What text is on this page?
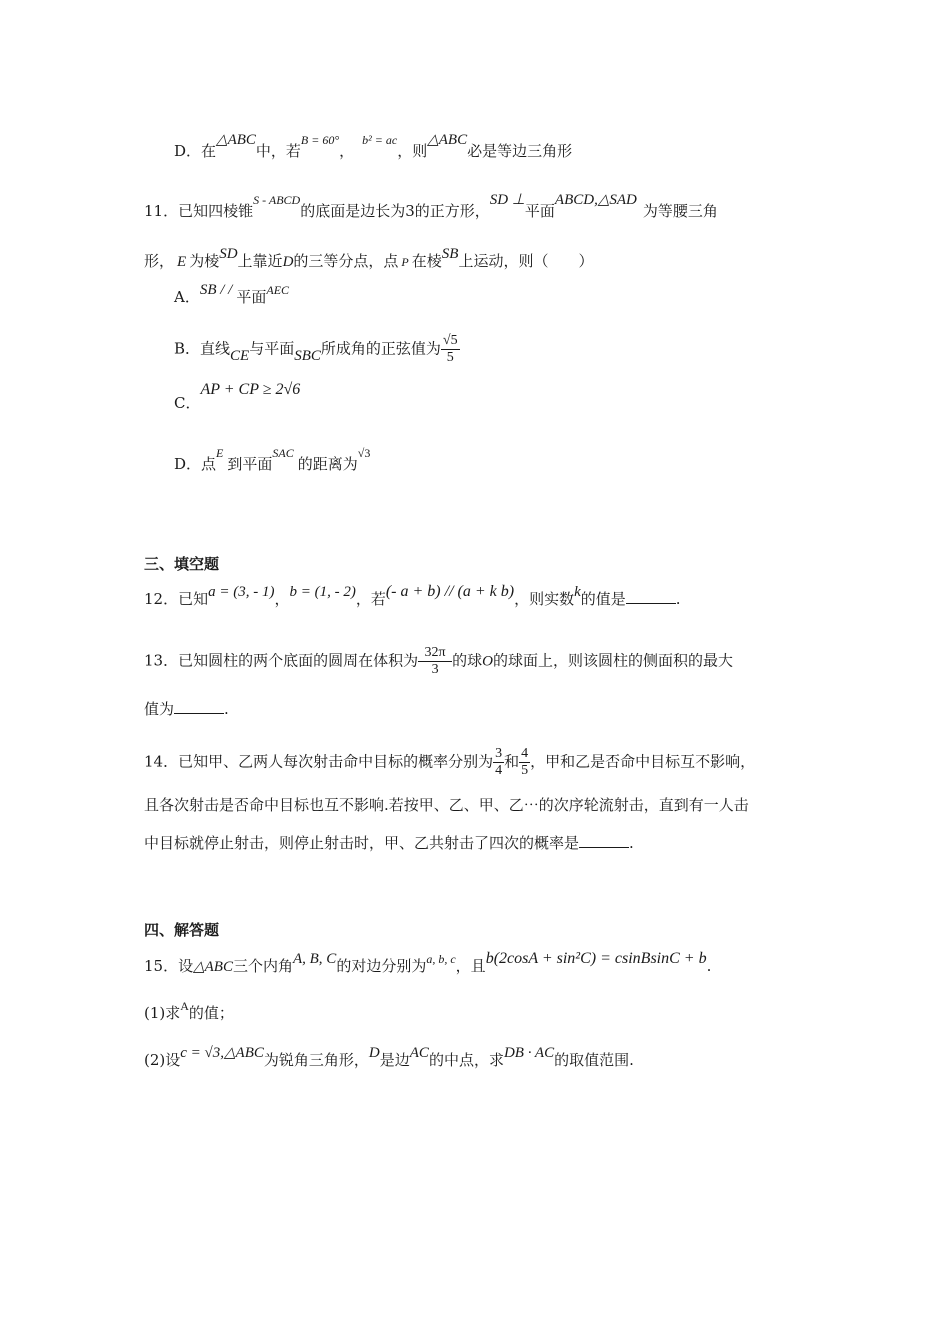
D．在△ABC中，若$^{B = 60^\circ}$，$^{b^2 = ac}$，则△ABC必是等边三角形
11．已知四棱锥$^{S - ABCD}$的底面是边长为3的正方形，SD ⊥平面ABCD,△SAD为等腰三角
形， E 为棱SD上靠近D的三等分点，点 P 在棱SB上运动，则（　　）
A．SB / / 平面$^{AEC}$
B．直线CE与平面SBC所成角的正弦值为 $\frac{√5}{5}$
C．AP + CP ≥ 2√6
D．点$^E$到平面$^{SAC}$的距离为$^{√3}$
三、填空题
12．已知a = (3, - 1)，b = (1, - 2)，若(- a + b) // (a + k b)，则实数k的值是	.
13．已知圆柱的两个底面的圆周在体积为 $\frac{32\pi}{3}$ 的球O的球面上，则该圆柱的侧面积的最大
值为	.
14．已知甲、乙两人每次射击命中目标的概率分别为 $\frac{3}{4}$ 和 $\frac{4}{5}$ ，甲和乙是否命中目标互不影响，
且各次射击是否命中目标也互不影响.若按甲、乙、甲、乙⋯的次序轮流射击，直到有一人击
中目标就停止射击，则停止射击时，甲、乙共射击了四次的概率是	.
四、解答题
15．设△ABC三个内角A, B, C的对边分别为$^{a, b, c}$，且b(2cosA + sin²C) = csinBsinC + b.
(1)求$^A$的值；
(2)设c = √3,△ABC为锐角三角形，D是边AC的中点，求DB · AC的取值范围.
